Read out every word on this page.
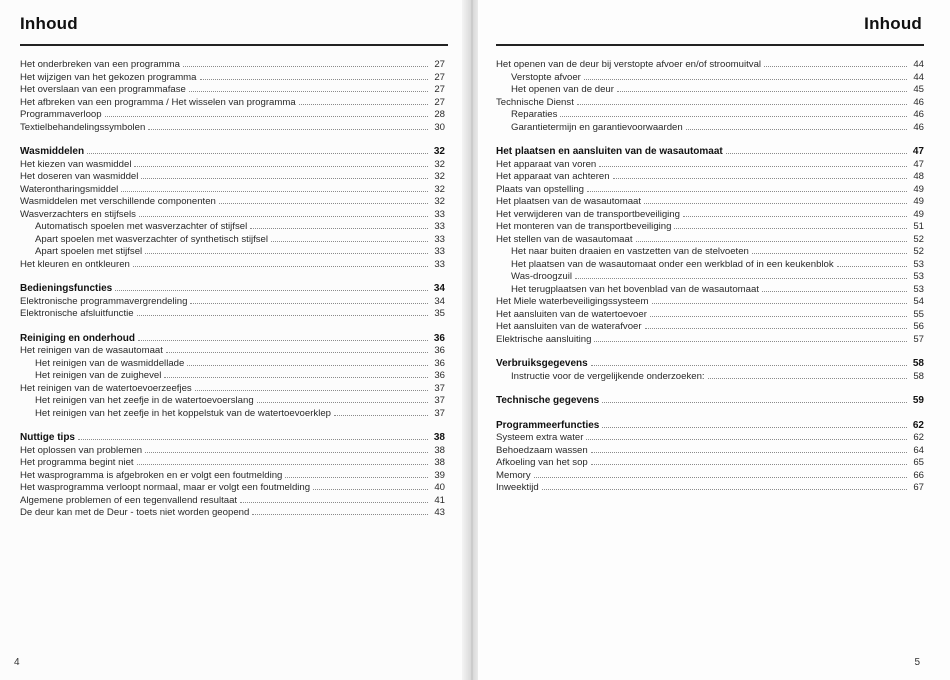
Inhoud
Het onderbreken van een programma	27
Het wijzigen van het gekozen programma	27
Het overslaan van een programmafase	27
Het afbreken van een programma / Het wisselen van programma	27
Programmaverloop	28
Textielbehandelingssymbolen	30
Wasmiddelen	32
Het kiezen van wasmiddel	32
Het doseren van wasmiddel	32
Waterontharingsmiddel	32
Wasmiddelen met verschillende componenten	32
Wasverzachters en stijfsels	33
Automatisch spoelen met wasverzachter of stijfsel	33
Apart spoelen met wasverzachter of synthetisch stijfsel	33
Apart spoelen met stijfsel	33
Het kleuren en ontkleuren	33
Bedieningsfuncties	34
Elektronische programmavergrendeling	34
Elektronische afsluitfunctie	35
Reiniging en onderhoud	36
Het reinigen van de wasautomaat	36
Het reinigen van de wasmiddellade	36
Het reinigen van de zuighevel	36
Het reinigen van de watertoevoerzeefjes	37
Het reinigen van het zeefje in de watertoevoerslang	37
Het reinigen van het zeefje in het koppelstuk van de watertoevoerklep	37
Nuttige tips	38
Het oplossen van problemen	38
Het programma begint niet	38
Het wasprogramma is afgebroken en er volgt een foutmelding	39
Het wasprogramma verloopt normaal, maar er volgt een foutmelding	40
Algemene problemen of een tegenvallend resultaat	41
De deur kan met de Deur - toets niet worden geopend	43
4
Inhoud
Het openen van de deur bij verstopte afvoer en/of stroomuitval	44
Verstopte afvoer	44
Het openen van de deur	45
Technische Dienst	46
Reparaties	46
Garantietermijn en garantievoorwaarden	46
Het plaatsen en aansluiten van de wasautomaat	47
Het apparaat van voren	47
Het apparaat van achteren	48
Plaats van opstelling	49
Het plaatsen van de wasautomaat	49
Het verwijderen van de transportbeveiliging	49
Het monteren van de transportbeveiliging	51
Het stellen van de wasautomaat	52
Het naar buiten draaien en vastzetten van de stelvoeten	52
Het plaatsen van de wasautomaat onder een werkblad of in een keukenblok	53
Was-droogzuil	53
Het terugplaatsen van het bovenblad van de wasautomaat	53
Het Miele waterbeveiligingssysteem	54
Het aansluiten van de watertoevoer	55
Het aansluiten van de waterafvoer	56
Elektrische aansluiting	57
Verbruiksgegevens	58
Instructie voor de vergelijkende onderzoeken:	58
Technische gegevens	59
Programmeerfuncties	62
Systeem extra water	62
Behoedzaam wassen	64
Afkoeling van het sop	65
Memory	66
Inweektijd	67
5
